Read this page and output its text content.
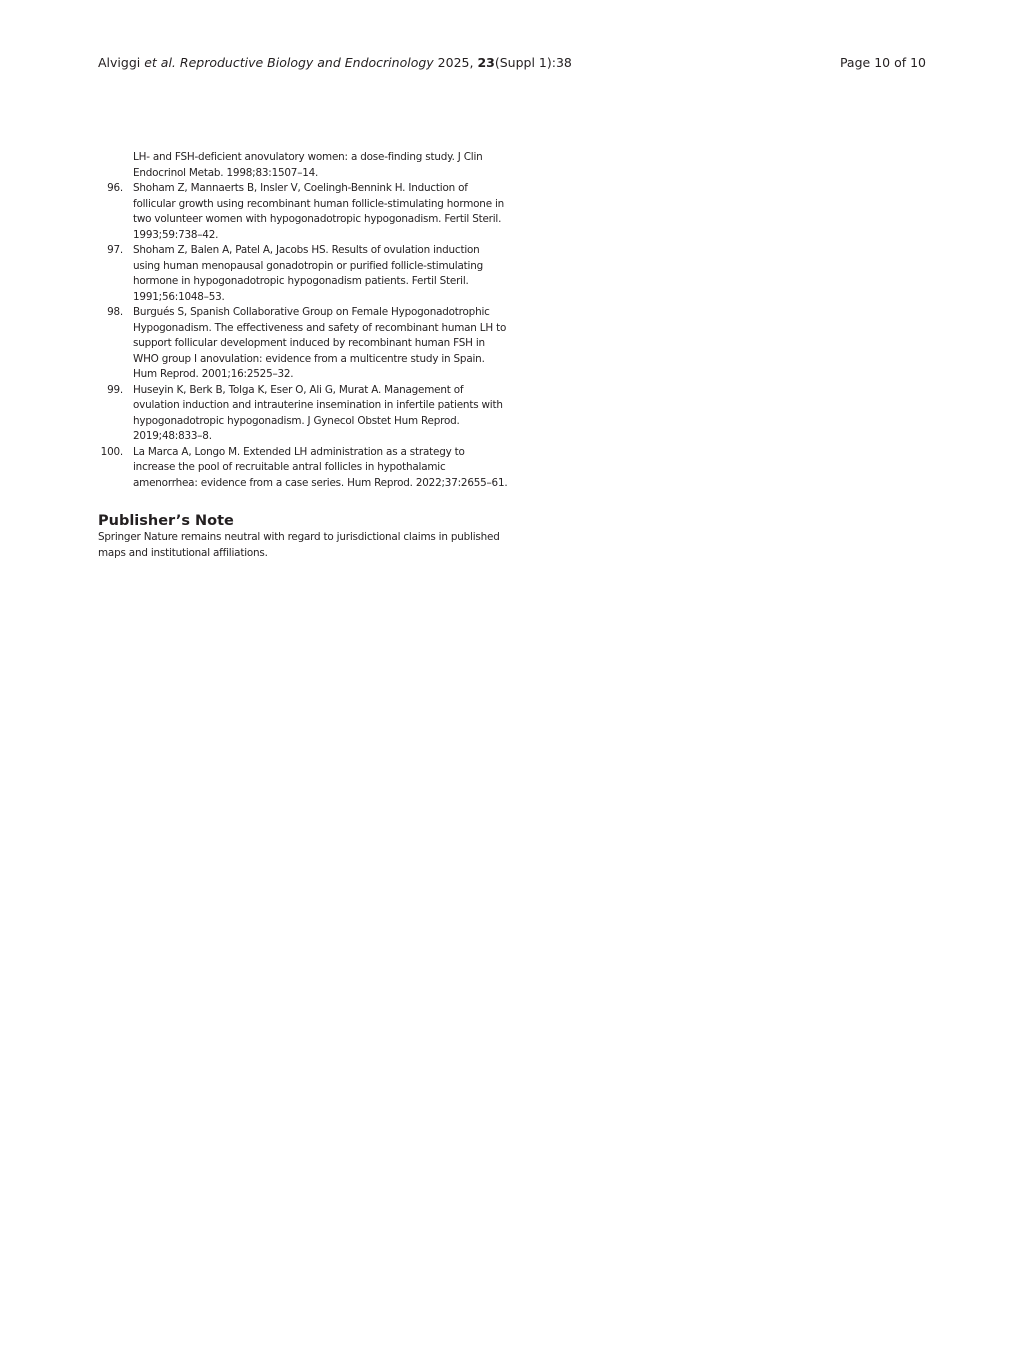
Alviggi et al. Reproductive Biology and Endocrinology 2025, 23(Suppl 1):38	Page 10 of 10
LH- and FSH-deficient anovulatory women: a dose-finding study. J Clin Endocrinol Metab. 1998;83:1507–14.
96. Shoham Z, Mannaerts B, Insler V, Coelingh-Bennink H. Induction of follicular growth using recombinant human follicle-stimulating hormone in two volunteer women with hypogonadotropic hypogonadism. Fertil Steril. 1993;59:738–42.
97. Shoham Z, Balen A, Patel A, Jacobs HS. Results of ovulation induction using human menopausal gonadotropin or purified follicle-stimulating hormone in hypogonadotropic hypogonadism patients. Fertil Steril. 1991;56:1048–53.
98. Burgués S, Spanish Collaborative Group on Female Hypogonadotrophic Hypogonadism. The effectiveness and safety of recombinant human LH to support follicular development induced by recombinant human FSH in WHO group I anovulation: evidence from a multicentre study in Spain. Hum Reprod. 2001;16:2525–32.
99. Huseyin K, Berk B, Tolga K, Eser O, Ali G, Murat A. Management of ovulation induction and intrauterine insemination in infertile patients with hypogonadotropic hypogonadism. J Gynecol Obstet Hum Reprod. 2019;48:833–8.
100. La Marca A, Longo M. Extended LH administration as a strategy to increase the pool of recruitable antral follicles in hypothalamic amenorrhea: evidence from a case series. Hum Reprod. 2022;37:2655–61.
Publisher’s Note

Springer Nature remains neutral with regard to jurisdictional claims in published maps and institutional affiliations.
